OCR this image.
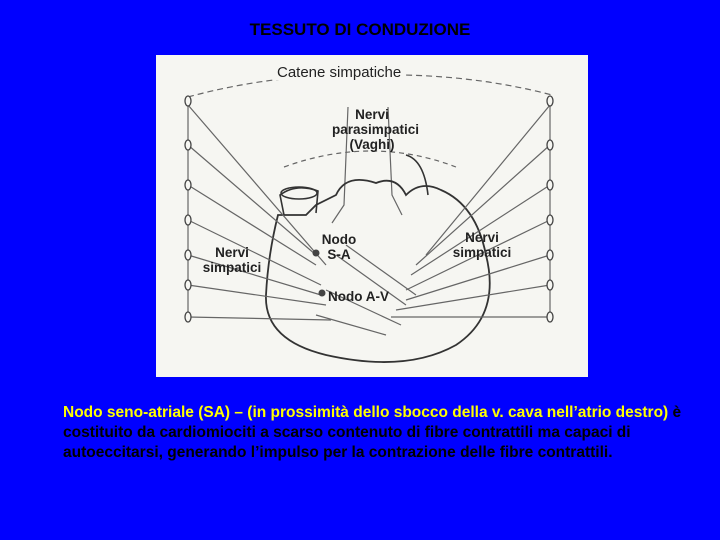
TESSUTO DI CONDUZIONE
Catene simpatiche
Nervi
parasimpatici
(Vaghi)
Nodo
S-A
Nervi
simpatici
Nervi
simpatici
Nodo A-V
Nodo seno-atriale (SA) – (in prossimità dello sbocco della v. cava nell’atrio destro) è costituito da cardiomiociti a scarso contenuto di fibre contrattili ma capaci di autoeccitarsi, generando l’impulso per la contrazione delle fibre contrattili.
